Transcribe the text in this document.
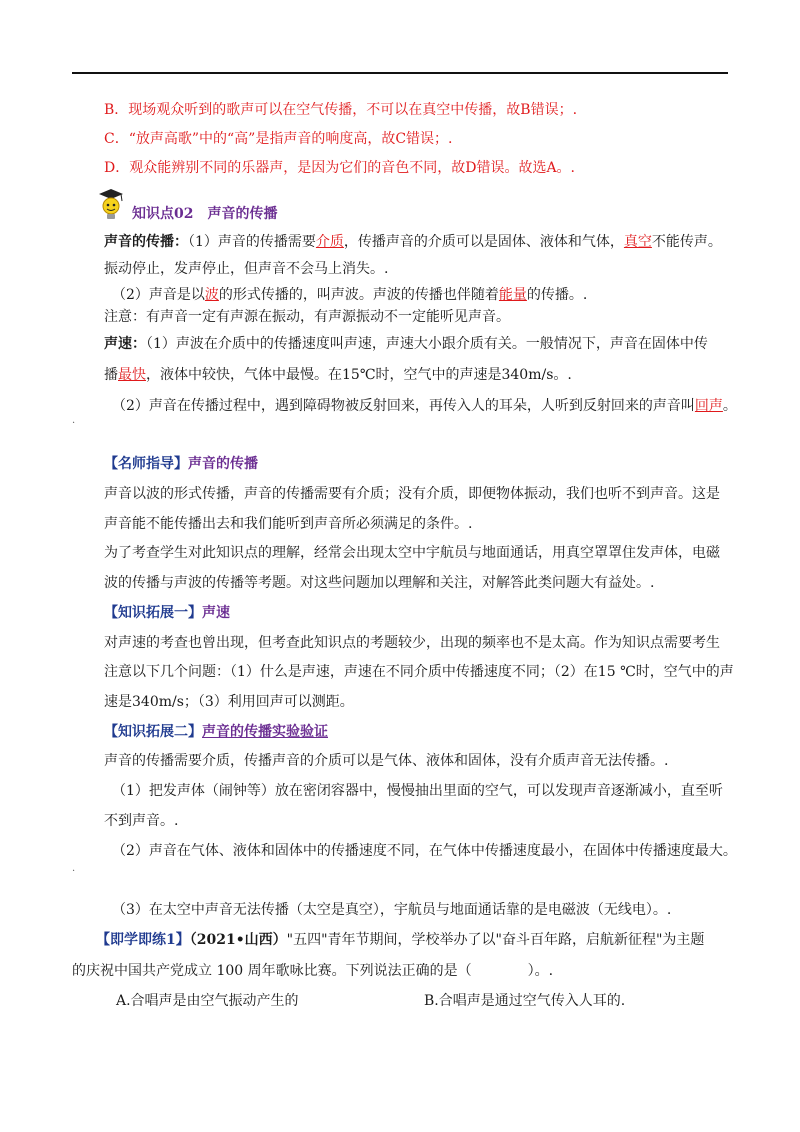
B．现场观众听到的歌声可以在空气传播，不可以在真空中传播，故B错误；.
C．“放声高歌”中的“高”是指声音的响度高，故C错误；.
D．观众能辨别不同的乐器声，是因为它们的音色不同，故D错误。故选A。.
知识点02　声音的传播
声音的传播：（1）声音的传播需要介质，传播声音的介质可以是固体、液体和气体，真空不能传声。
振动停止，发声停止，但声音不会马上消失。.
（2）声音是以波的形式传播的，叫声波。声波的传播也伴随着能量的传播。.
注意：有声音一定有声源在振动，有声源振动不一定能听见声音。
声速：（1）声波在介质中的传播速度叫声速，声速大小跟介质有关。一般情况下，声音在固体中传
播最快，液体中较快，气体中最慢。在15℃时，空气中的声速是340m/s。.
（2）声音在传播过程中，遇到障碍物被反射回来，再传入人的耳朵，人听到反射回来的声音叫回声。
·
【名师指导】声音的传播
声音以波的形式传播，声音的传播需要有介质；没有介质，即便物体振动，我们也听不到声音。这是
声音能不能传播出去和我们能听到声音所必须满足的条件。.
为了考查学生对此知识点的理解，经常会出现太空中宇航员与地面通话，用真空罩罩住发声体，电磁
波的传播与声波的传播等考题。对这些问题加以理解和关注，对解答此类问题大有益处。.
【知识拓展一】声速
对声速的考查也曾出现，但考查此知识点的考题较少，出现的频率也不是太高。作为知识点需要考生
注意以下几个问题：（1）什么是声速，声速在不同介质中传播速度不同；（2）在15 ℃时，空气中的声
速是340m/s；（3）利用回声可以测距。
【知识拓展二】声音的传播实验验证
声音的传播需要介质，传播声音的介质可以是气体、液体和固体，没有介质声音无法传播。.
（1）把发声体（闹钟等）放在密闭容器中，慢慢抽出里面的空气，可以发现声音逐渐减小，直至听
不到声音。.
（2）声音在气体、液体和固体中的传播速度不同，在气体中传播速度最小，在固体中传播速度最大。
·
（3）在太空中声音无法传播（太空是真空），宇航员与地面通话靠的是电磁波（无线电）。.
【即学即练1】（2021•山西）"五四"青年节期间，学校举办了以"奋斗百年路，启航新征程"为主题
的庆祝中国共产党成立 100 周年歌咏比赛。下列说法正确的是（　　　　）。.
A.合唱声是由空气振动产生的	B.合唱声是通过空气传入人耳的.
